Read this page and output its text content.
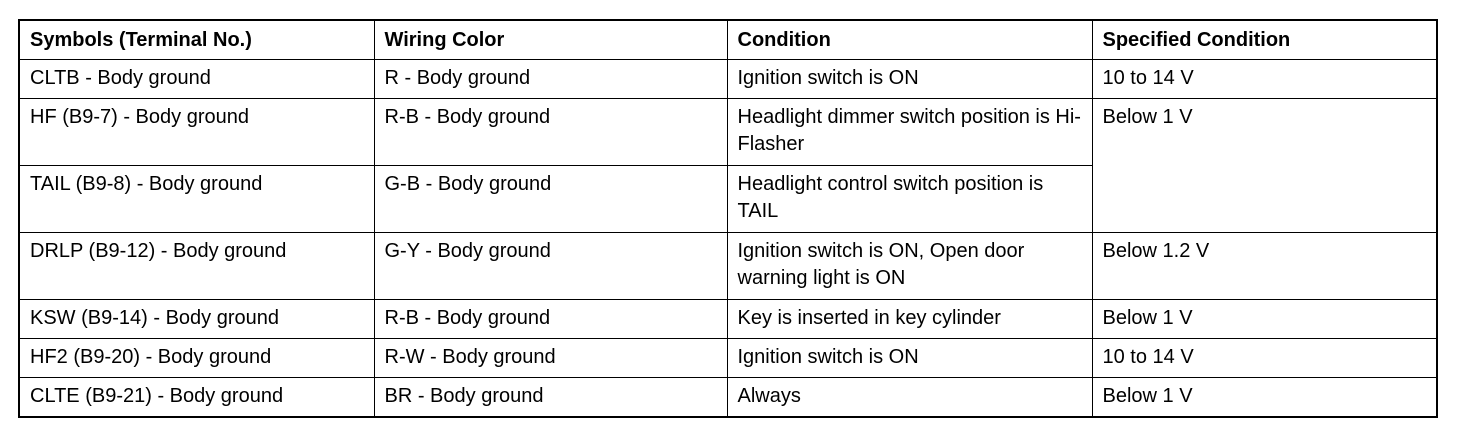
Symbols (Terminal No.)	Wiring Color	Condition	Specified Condition
CLTB - Body ground	R - Body ground	Ignition switch is ON	10 to 14 V
HF (B9-7) - Body ground	R-B - Body ground	Headlight dimmer switch position is Hi-Flasher	Below 1 V
TAIL (B9-8) - Body ground	G-B - Body ground	Headlight control switch position is TAIL	
DRLP (B9-12) - Body ground	G-Y - Body ground	Ignition switch is ON, Open door warning light is ON	Below 1.2 V
KSW (B9-14) - Body ground	R-B - Body ground	Key is inserted in key cylinder	Below 1 V
HF2 (B9-20) - Body ground	R-W - Body ground	Ignition switch is ON	10 to 14 V
CLTE (B9-21) - Body ground	BR - Body ground	Always	Below 1 V
